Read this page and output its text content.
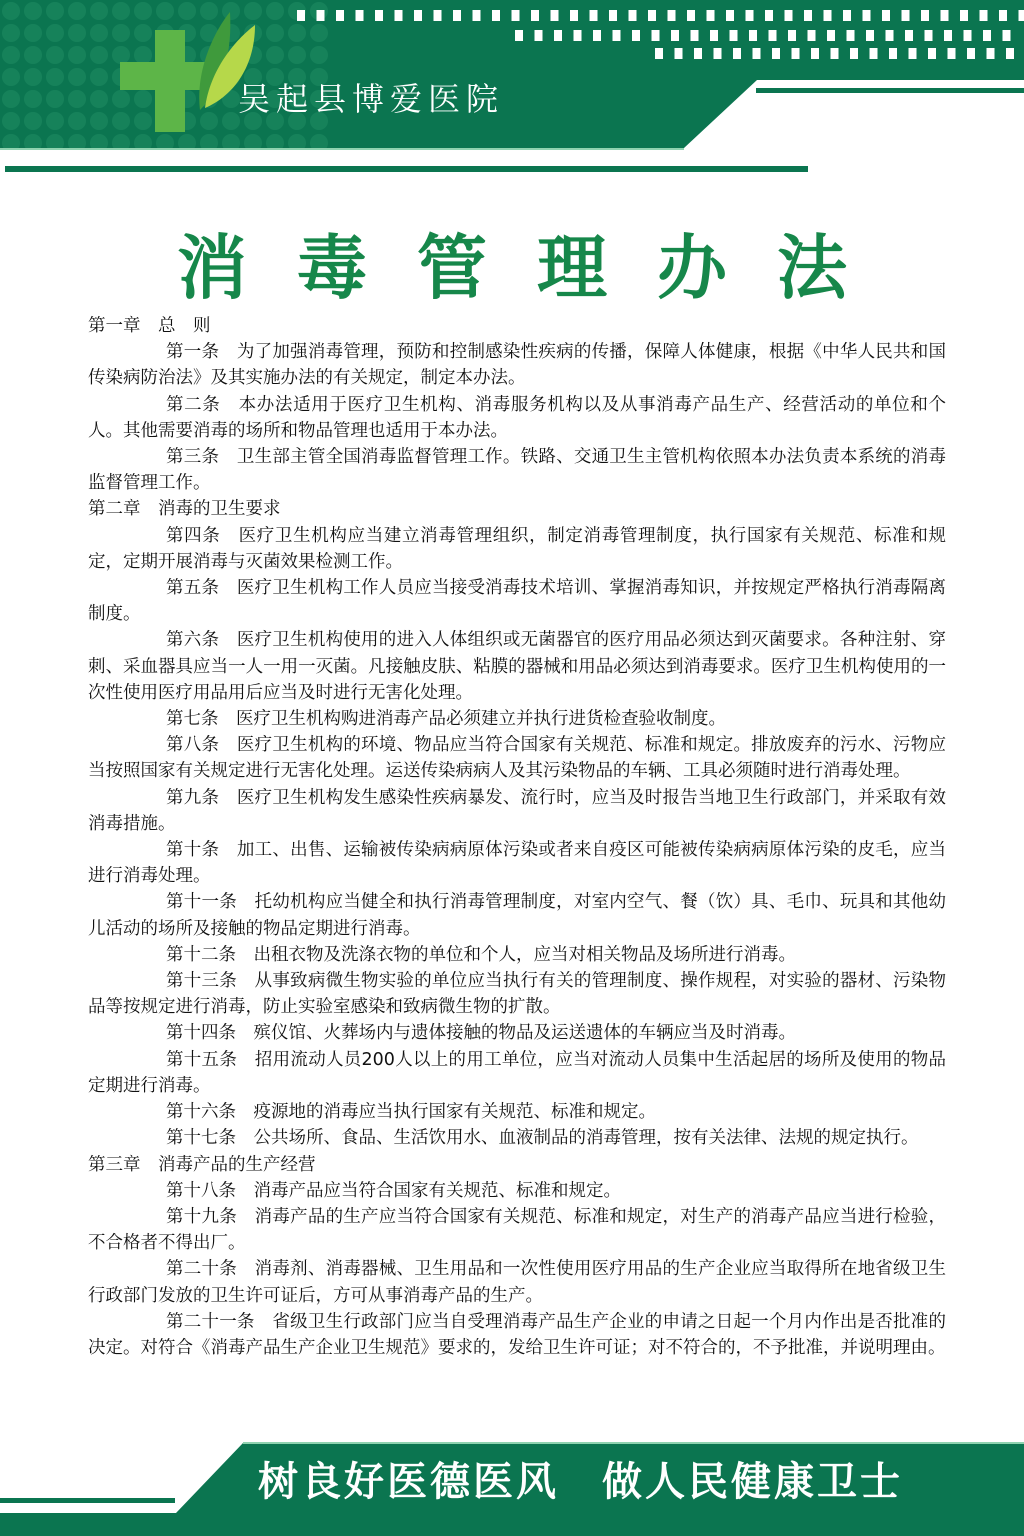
吴起县博爱医院
消毒管理办法

第一章　总　则

第一条　为了加强消毒管理，预防和控制感染性疾病的传播，保障人体健康，根据《中华人民共和国传染病防治法》及其实施办法的有关规定，制定本办法。

第二条　本办法适用于医疗卫生机构、消毒服务机构以及从事消毒产品生产、经营活动的单位和个人。其他需要消毒的场所和物品管理也适用于本办法。

第三条　卫生部主管全国消毒监督管理工作。铁路、交通卫生主管机构依照本办法负责本系统的消毒监督管理工作。

第二章　消毒的卫生要求

第四条　医疗卫生机构应当建立消毒管理组织，制定消毒管理制度，执行国家有关规范、标准和规定，定期开展消毒与灭菌效果检测工作。

第五条　医疗卫生机构工作人员应当接受消毒技术培训、掌握消毒知识，并按规定严格执行消毒隔离制度。

第六条　医疗卫生机构使用的进入人体组织或无菌器官的医疗用品必须达到灭菌要求。各种注射、穿刺、采血器具应当一人一用一灭菌。凡接触皮肤、粘膜的器械和用品必须达到消毒要求。医疗卫生机构使用的一次性使用医疗用品用后应当及时进行无害化处理。

第七条　医疗卫生机构购进消毒产品必须建立并执行进货检查验收制度。

第八条　医疗卫生机构的环境、物品应当符合国家有关规范、标准和规定。排放废弃的污水、污物应当按照国家有关规定进行无害化处理。运送传染病病人及其污染物品的车辆、工具必须随时进行消毒处理。

第九条　医疗卫生机构发生感染性疾病暴发、流行时，应当及时报告当地卫生行政部门，并采取有效消毒措施。

第十条　加工、出售、运输被传染病病原体污染或者来自疫区可能被传染病病原体污染的皮毛，应当进行消毒处理。

第十一条　托幼机构应当健全和执行消毒管理制度，对室内空气、餐（饮）具、毛巾、玩具和其他幼儿活动的场所及接触的物品定期进行消毒。

第十二条　出租衣物及洗涤衣物的单位和个人，应当对相关物品及场所进行消毒。

第十三条　从事致病微生物实验的单位应当执行有关的管理制度、操作规程，对实验的器材、污染物品等按规定进行消毒，防止实验室感染和致病微生物的扩散。

第十四条　殡仪馆、火葬场内与遗体接触的物品及运送遗体的车辆应当及时消毒。

第十五条　招用流动人员200人以上的用工单位，应当对流动人员集中生活起居的场所及使用的物品定期进行消毒。

第十六条　疫源地的消毒应当执行国家有关规范、标准和规定。

第十七条　公共场所、食品、生活饮用水、血液制品的消毒管理，按有关法律、法规的规定执行。

第三章　消毒产品的生产经营

第十八条　消毒产品应当符合国家有关规范、标准和规定。

第十九条　消毒产品的生产应当符合国家有关规范、标准和规定，对生产的消毒产品应当进行检验，不合格者不得出厂。

第二十条　消毒剂、消毒器械、卫生用品和一次性使用医疗用品的生产企业应当取得所在地省级卫生行政部门发放的卫生许可证后，方可从事消毒产品的生产。

第二十一条　省级卫生行政部门应当自受理消毒产品生产企业的申请之日起一个月内作出是否批准的决定。对符合《消毒产品生产企业卫生规范》要求的，发给卫生许可证；对不符合的，不予批准，并说明理由。

树良好医德医风　做人民健康卫士
